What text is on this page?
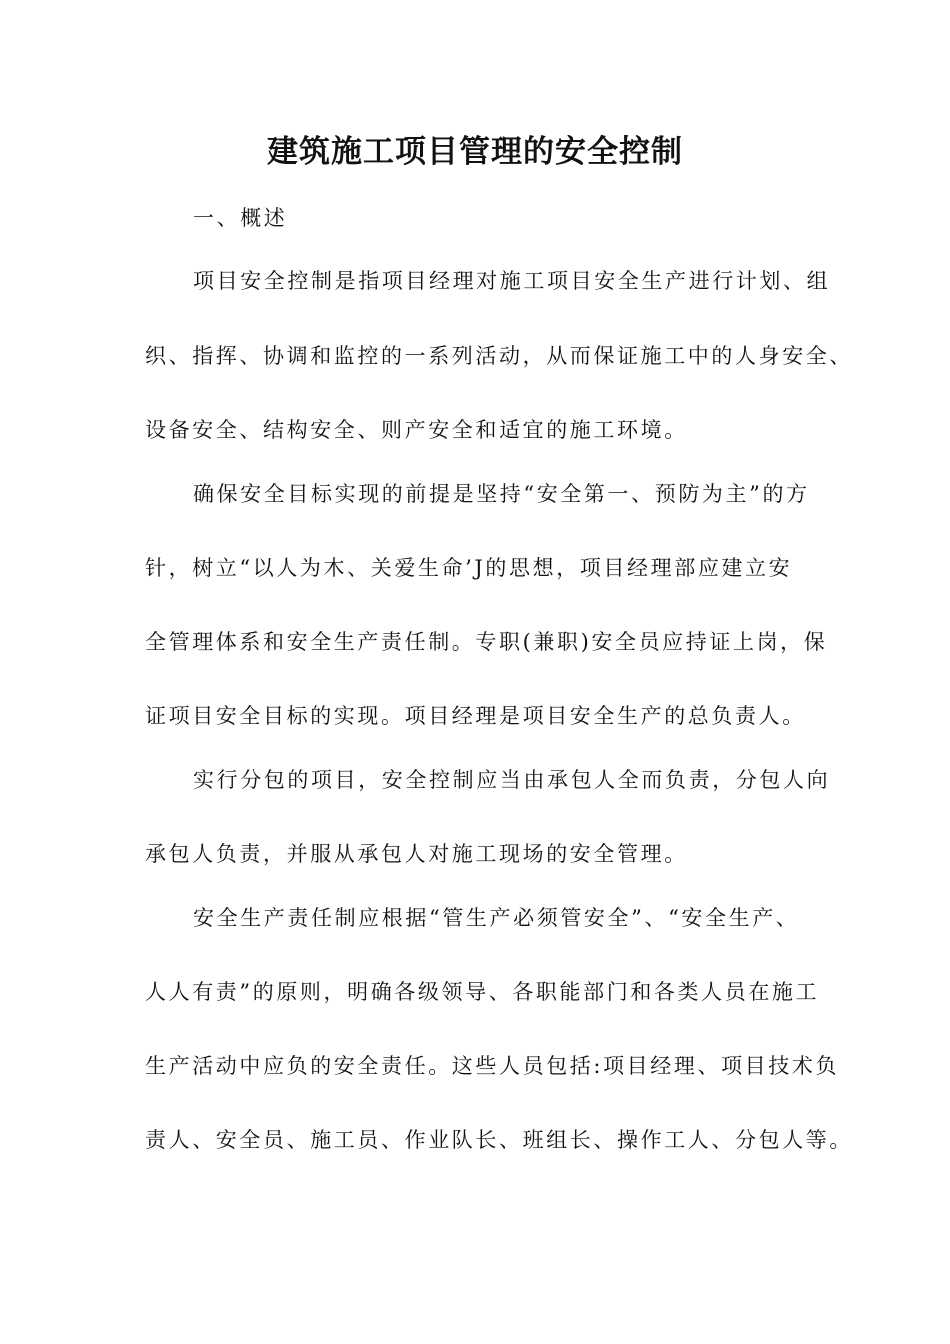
建筑施工项目管理的安全控制
一、概述
项目安全控制是指项目经理对施工项目安全生产进行计划、组
织、指挥、协调和监控的一系列活动，从而保证施工中的人身安全、
设备安全、结构安全、则产安全和适宜的施工环境。
确保安全目标实现的前提是坚持“安全第一、预防为主”的方
针，树立“以人为木、关爱生命’J的思想，项目经理部应建立安
全管理体系和安全生产责任制。专职(兼职)安全员应持证上岗，保
证项目安全目标的实现。项目经理是项目安全生产的总负责人。
实行分包的项目，安全控制应当由承包人全而负责，分包人向
承包人负责，并服从承包人对施工现场的安全管理。
安全生产责任制应根据“管生产必须管安全”、“安全生产、
人人有责”的原则，明确各级领导、各职能部门和各类人员在施工
生产活动中应负的安全责任。这些人员包括:项目经理、项目技术负
责人、安全员、施工员、作业队长、班组长、操作工人、分包人等。
